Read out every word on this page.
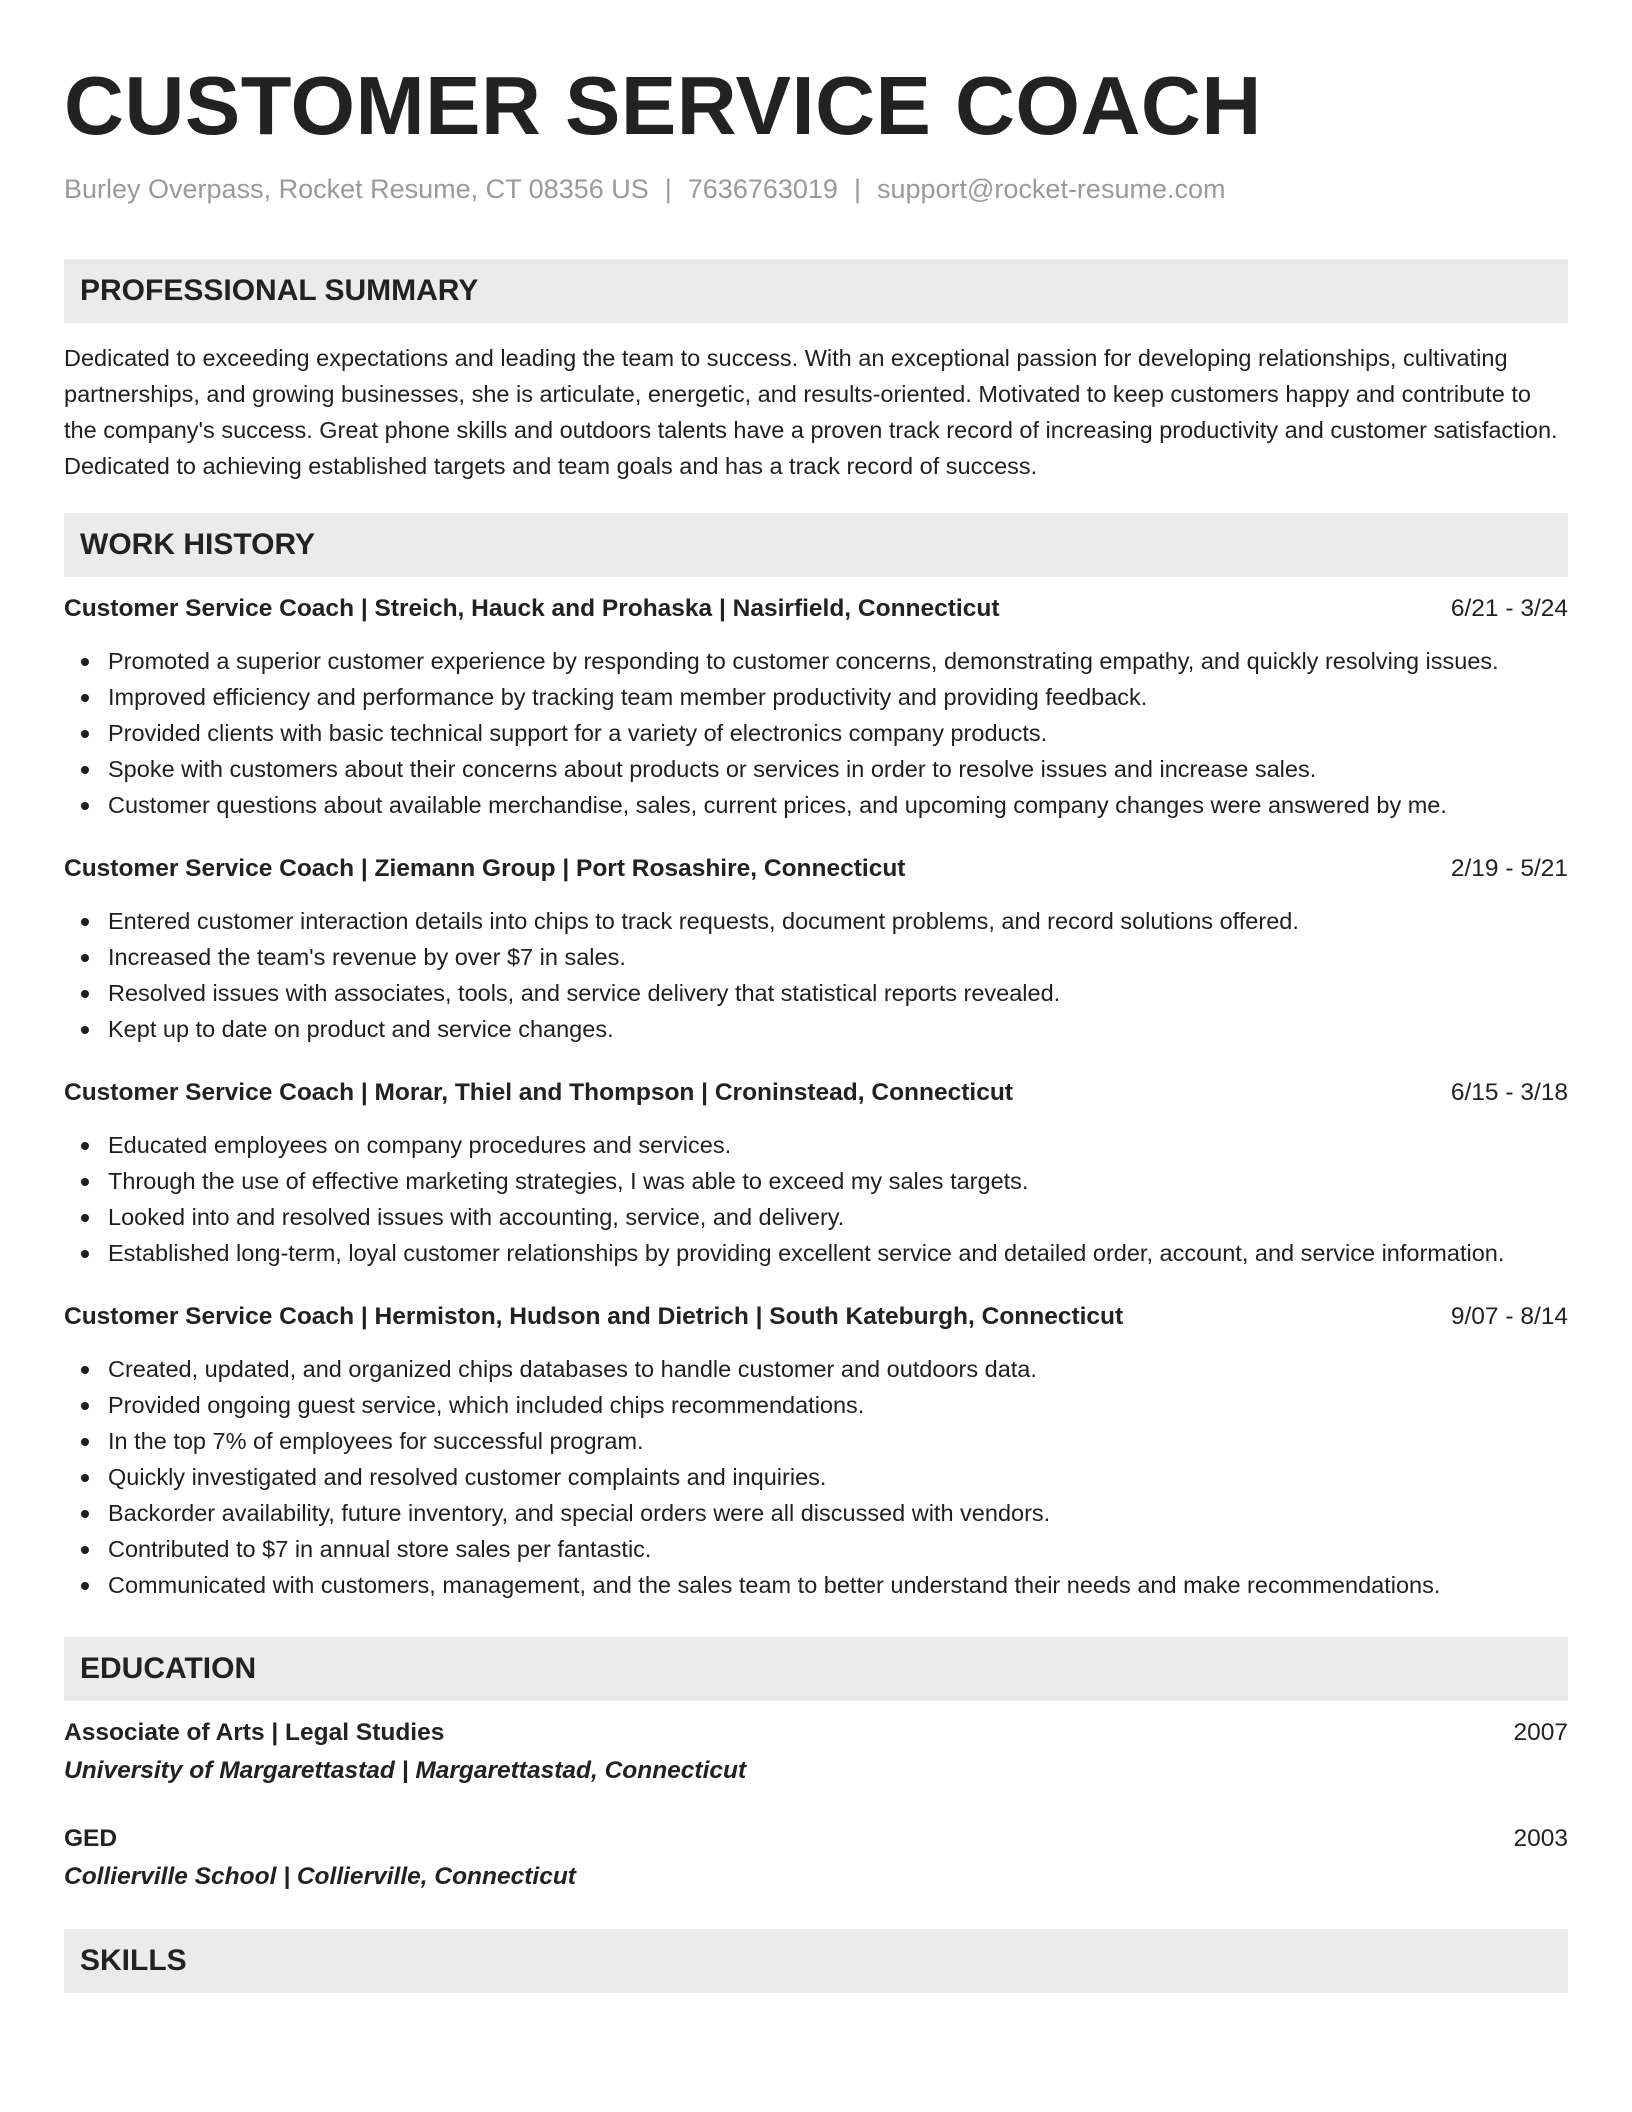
CUSTOMER SERVICE COACH
Burley Overpass, Rocket Resume, CT 08356 US | 7636763019 | support@rocket-resume.com
PROFESSIONAL SUMMARY

Dedicated to exceeding expectations and leading the team to success. With an exceptional passion for developing relationships, cultivating partnerships, and growing businesses, she is articulate, energetic, and results-oriented. Motivated to keep customers happy and contribute to the company's success. Great phone skills and outdoors talents have a proven track record of increasing productivity and customer satisfaction. Dedicated to achieving established targets and team goals and has a track record of success.

WORK HISTORY
Customer Service Coach | Streich, Hauck and Prohaska | Nasirfield, Connecticut	6/21 - 3/24
Promoted a superior customer experience by responding to customer concerns, demonstrating empathy, and quickly resolving issues.
Improved efficiency and performance by tracking team member productivity and providing feedback.
Provided clients with basic technical support for a variety of electronics company products.
Spoke with customers about their concerns about products or services in order to resolve issues and increase sales.
Customer questions about available merchandise, sales, current prices, and upcoming company changes were answered by me.
Customer Service Coach | Ziemann Group | Port Rosashire, Connecticut	2/19 - 5/21
Entered customer interaction details into chips to track requests, document problems, and record solutions offered.
Increased the team's revenue by over $7 in sales.
Resolved issues with associates, tools, and service delivery that statistical reports revealed.
Kept up to date on product and service changes.
Customer Service Coach | Morar, Thiel and Thompson | Croninstead, Connecticut	6/15 - 3/18
Educated employees on company procedures and services.
Through the use of effective marketing strategies, I was able to exceed my sales targets.
Looked into and resolved issues with accounting, service, and delivery.
Established long-term, loyal customer relationships by providing excellent service and detailed order, account, and service information.
Customer Service Coach | Hermiston, Hudson and Dietrich | South Kateburgh, Connecticut	9/07 - 8/14
Created, updated, and organized chips databases to handle customer and outdoors data.
Provided ongoing guest service, which included chips recommendations.
In the top 7% of employees for successful program.
Quickly investigated and resolved customer complaints and inquiries.
Backorder availability, future inventory, and special orders were all discussed with vendors.
Contributed to $7 in annual store sales per fantastic.
Communicated with customers, management, and the sales team to better understand their needs and make recommendations.
EDUCATION
Associate of Arts | Legal Studies	2007
University of Margarettastad | Margarettastad, Connecticut
GED	2003
Collierville School | Collierville, Connecticut
SKILLS
